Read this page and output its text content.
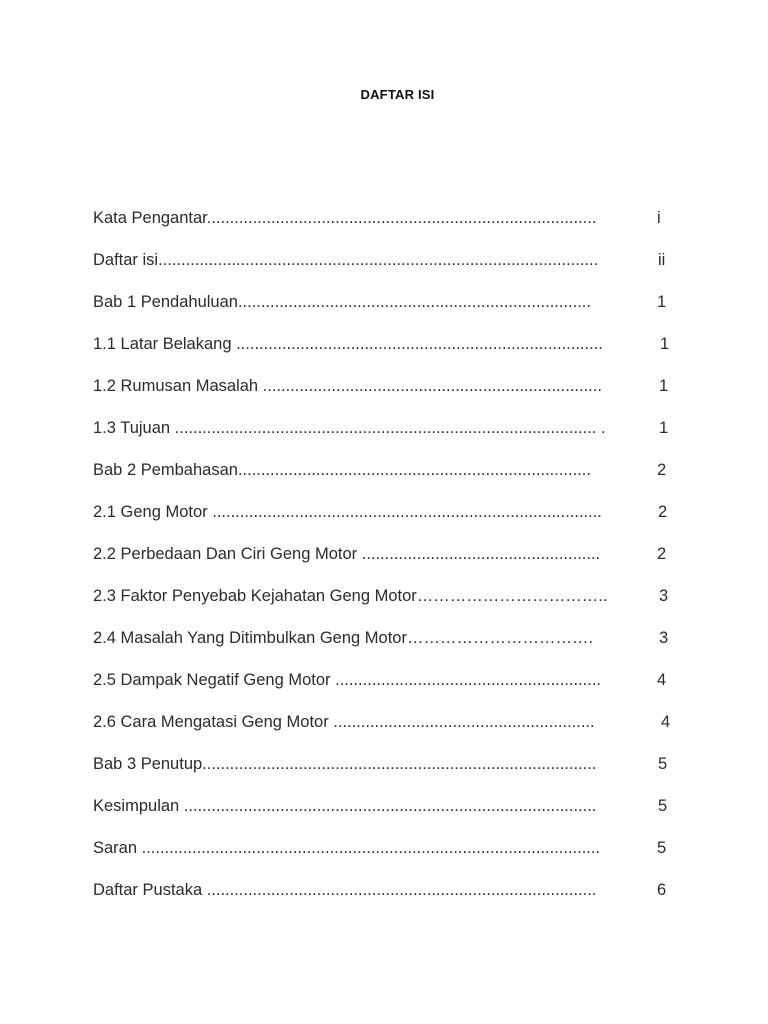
DAFTAR ISI
Kata Pengantar.....................................................................................	i
Daftar isi................................................................................................	ii
Bab 1 Pendahuluan.............................................................................	1
1.1 Latar Belakang ................................................................................	1
1.2 Rumusan Masalah ..........................................................................	1
1.3 Tujuan ............................................................................................ .	1
Bab 2 Pembahasan.............................................................................	2
2.1 Geng Motor .....................................................................................	2
2.2 Perbedaan Dan Ciri Geng Motor ....................................................	2
2.3 Faktor Penyebab Kejahatan Geng Motor……………………………..	3
2.4 Masalah Yang Ditimbulkan Geng Motor…………………………….	3
2.5 Dampak Negatif Geng Motor ..........................................................	4
2.6 Cara Mengatasi Geng Motor .........................................................	4
Bab 3 Penutup......................................................................................	5
Kesimpulan ..........................................................................................	5
Saran ....................................................................................................	5
Daftar Pustaka .....................................................................................	6
